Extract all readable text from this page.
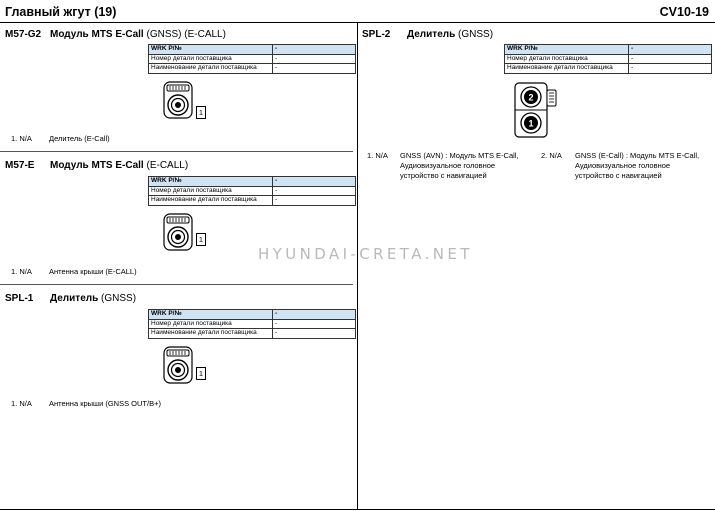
Главный жгут (19)	CV10-19
M57-G2 Модуль MTS E-Call (GNSS) (E-CALL)
WRK P/№	-
Номер детали поставщика	-
Наименование детали поставщика	-
1
1. N/A Делитель (E-Call)
M57-E Модуль MTS E-Call (E-CALL)
WRK P/№	-
Номер детали поставщика	-
Наименование детали поставщика	-
1
1. N/A Антенна крыши (E-CALL)
SPL-1 Делитель (GNSS)
WRK P/№	-
Номер детали поставщика	-
Наименование детали поставщика	-
1
1. N/A Антенна крыши (GNSS OUT/B+)
SPL-2 Делитель (GNSS)
WRK P/№	-
Номер детали поставщика	-
Наименование детали поставщика	-
2
1
1. N/A GNSS (AVN) : Модуль MTS E-Call,
Аудиовизуальное головное
устройство с навигацией
2. N/A GNSS (E-Call) : Модуль MTS E-Call,
Аудиовизуальное головное
устройство с навигацией
HYUNDAI-CRETA.NET
